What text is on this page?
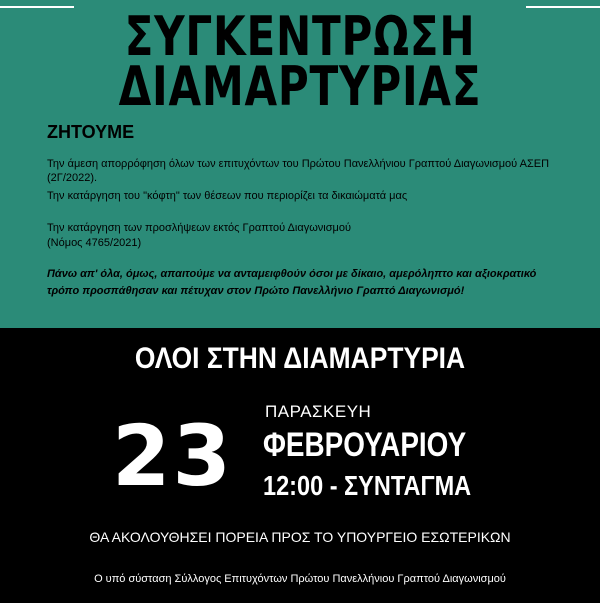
ΣΥΓΚΕΝΤΡΩΣΗ
ΔΙΑΜΑΡΤΥΡΙΑΣ
ΖΗΤΟΥΜΕ

Την άμεση απορρόφηση όλων των επιτυχόντων του Πρώτου Πανελλήνιου Γραπτού Διαγωνισμού ΑΣΕΠ (2Γ/2022).

Την κατάργηση του "κόφτη" των θέσεων που περιορίζει τα δικαιώματά μας

Την κατάργηση των προσλήψεων εκτός Γραπτού Διαγωνισμού

(Νόμος 4765/2021)

Πάνω απ' όλα, όμως, απαιτούμε να ανταμειφθούν όσοι με δίκαιο, αμερόληπτο και αξιοκρατικό τρόπο προσπάθησαν και πέτυχαν στον Πρώτο Πανελλήνιο Γραπτό Διαγωνισμό!

ΟΛΟΙ ΣΤΗΝ ΔΙΑΜΑΡΤΥΡΙΑ
23 ΠΑΡΑΣΚΕΥΗ
ΦΕΒΡΟΥΑΡΙΟΥ
12:00 - ΣΥΝΤΑΓΜΑ

ΘΑ ΑΚΟΛΟΥΘΗΣΕΙ ΠΟΡΕΙΑ ΠΡΟΣ ΤΟ ΥΠΟΥΡΓΕΙΟ ΕΣΩΤΕΡΙΚΩΝ

Ο υπό σύσταση Σύλλογος Επιτυχόντων Πρώτου Πανελλήνιου Γραπτού Διαγωνισμού
